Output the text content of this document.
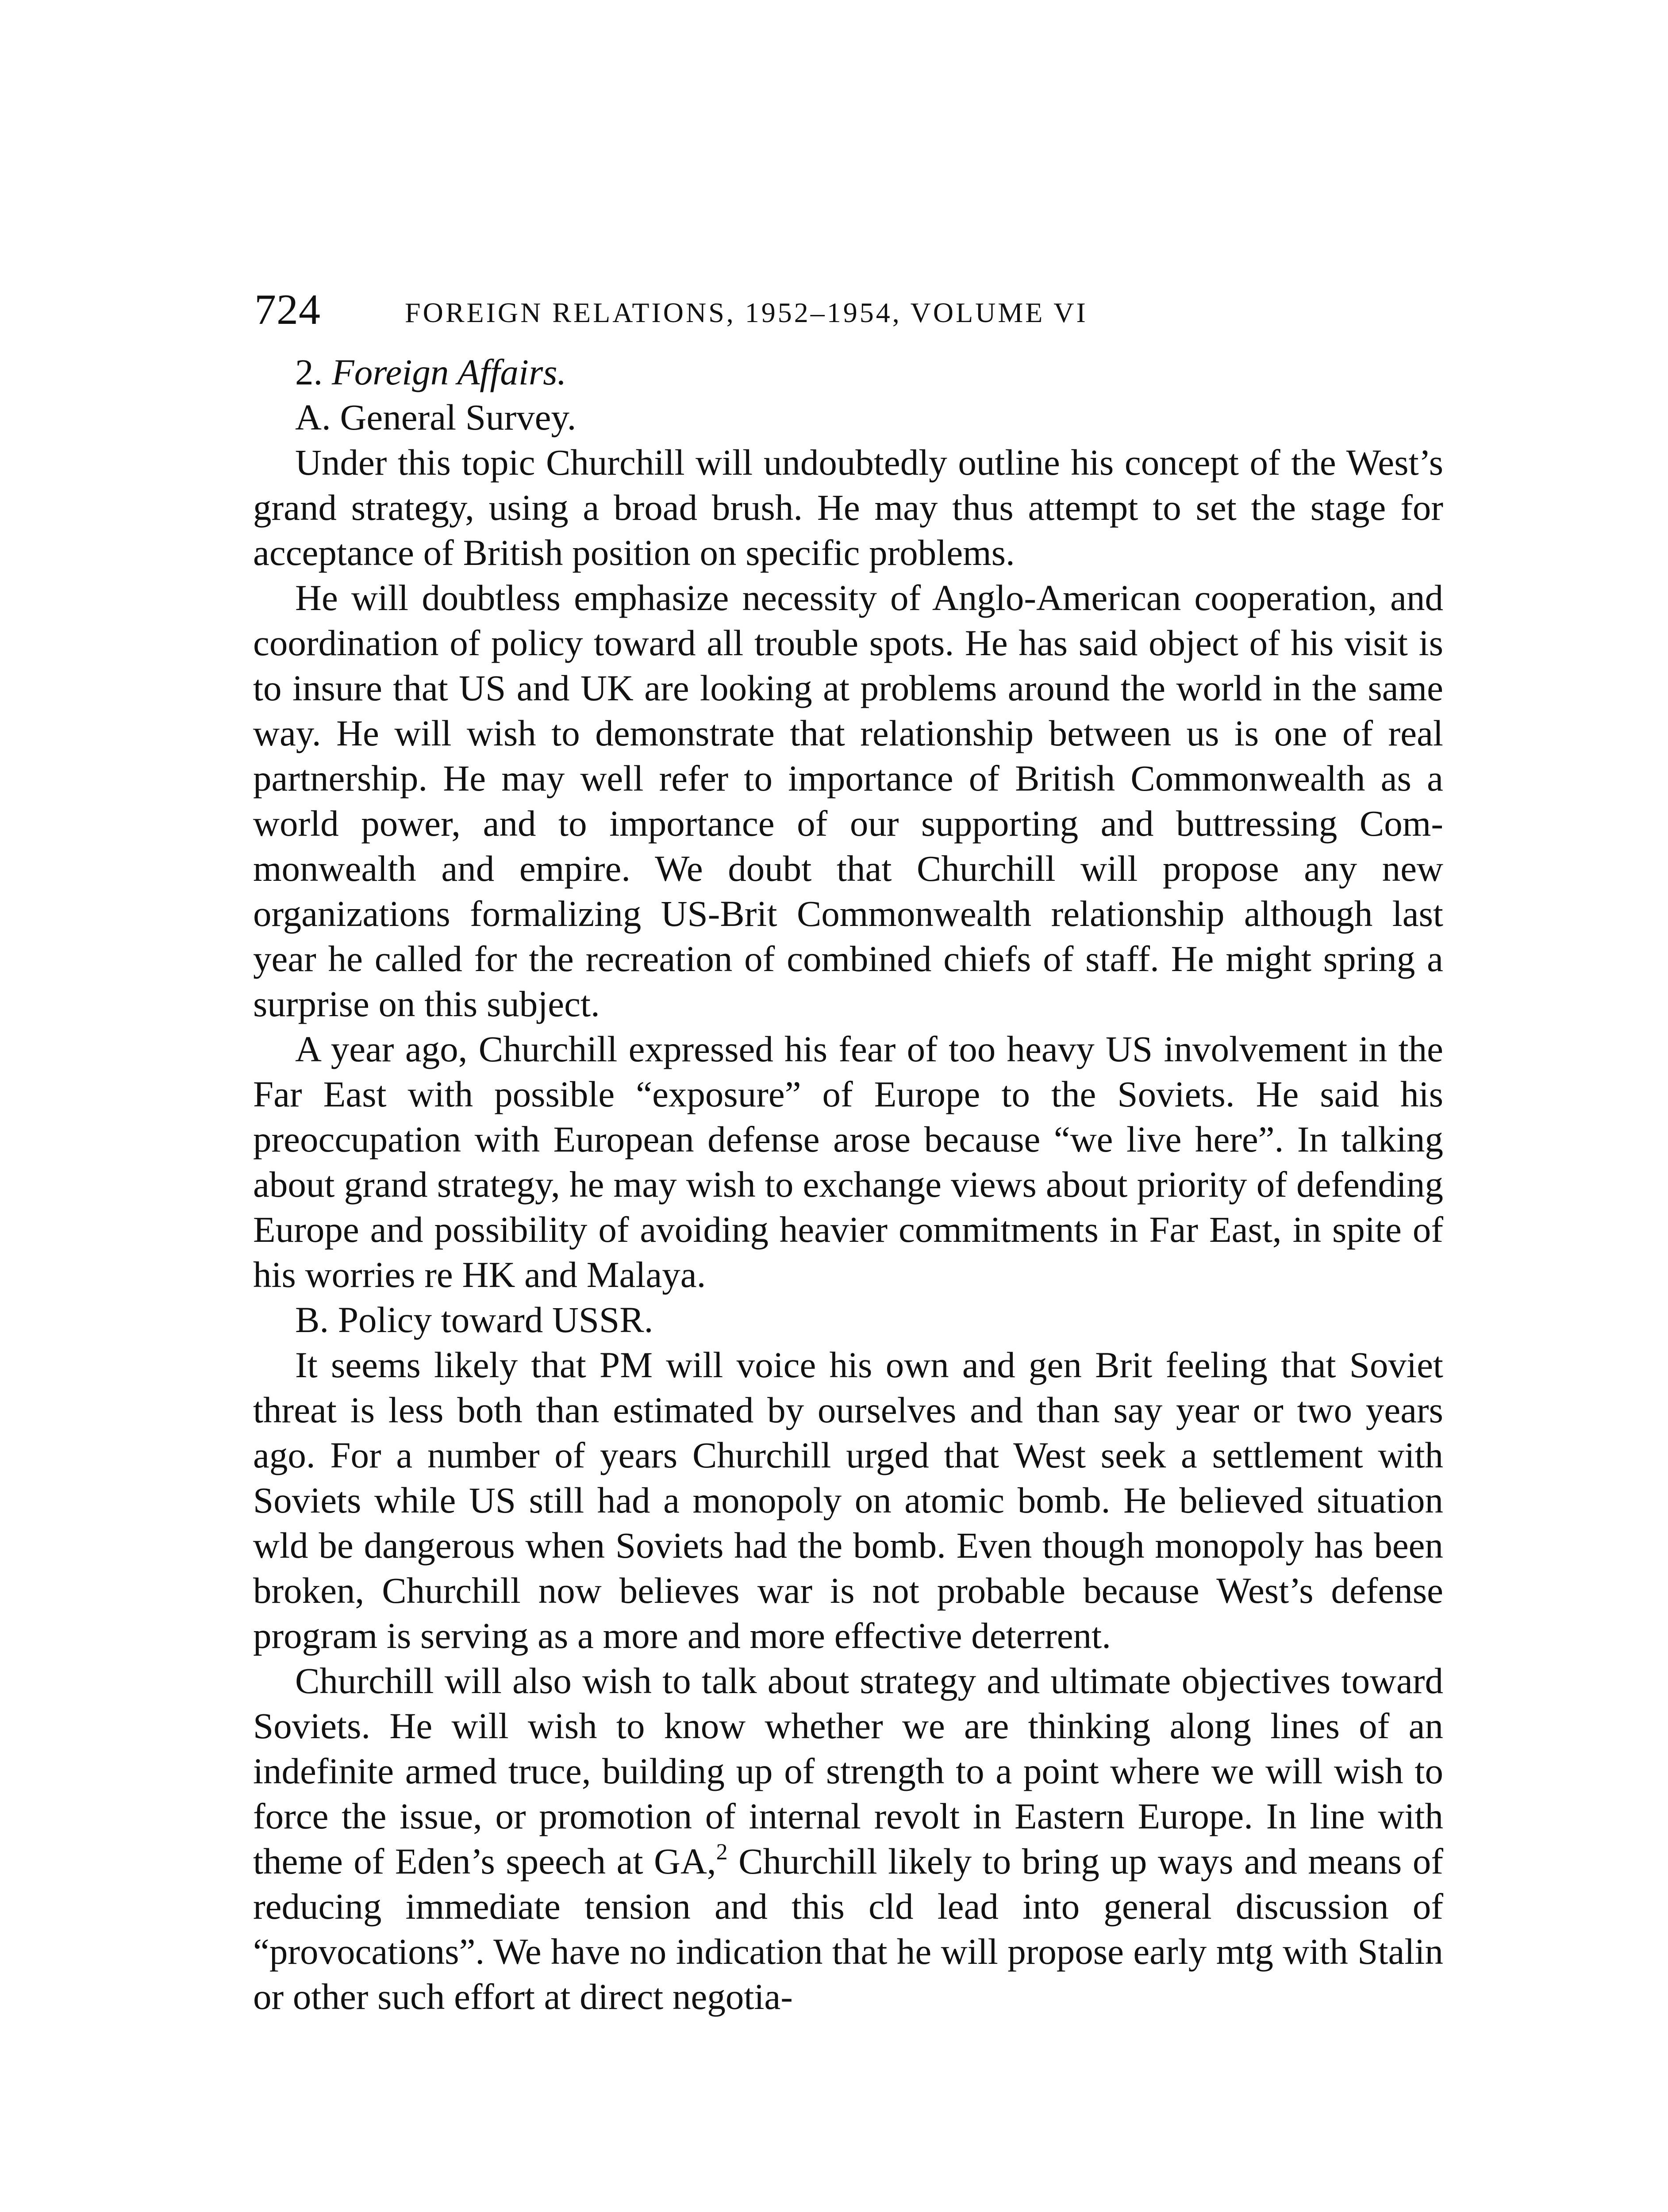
724	FOREIGN RELATIONS, 1952–1954, VOLUME VI

2. Foreign Affairs.

A. General Survey.

Under this topic Churchill will undoubtedly outline his concept of the West’s grand strategy, using a broad brush. He may thus attempt to set the stage for acceptance of British position on specific problems.

He will doubtless emphasize necessity of Anglo-American cooperation, and coordination of policy toward all trouble spots. He has said object of his visit is to insure that US and UK are looking at problems around the world in the same way. He will wish to demonstrate that relationship between us is one of real partnership. He may well refer to importance of British Commonwealth as a world power, and to importance of our supporting and buttressing Commonwealth and empire. We doubt that Churchill will propose any new organizations formalizing US-Brit Commonwealth relationship although last year he called for the recreation of combined chiefs of staff. He might spring a surprise on this subject.

A year ago, Churchill expressed his fear of too heavy US involvement in the Far East with possible “exposure” of Europe to the Soviets. He said his preoccupation with European defense arose because “we live here”. In talking about grand strategy, he may wish to exchange views about priority of defending Europe and possibility of avoiding heavier commitments in Far East, in spite of his worries re HK and Malaya.

B. Policy toward USSR.

It seems likely that PM will voice his own and gen Brit feeling that Soviet threat is less both than estimated by ourselves and than say year or two years ago. For a number of years Churchill urged that West seek a settlement with Soviets while US still had a monopoly on atomic bomb. He believed situation wld be dangerous when Soviets had the bomb. Even though monopoly has been broken, Churchill now believes war is not probable because West’s defense program is serving as a more and more effective deterrent.

Churchill will also wish to talk about strategy and ultimate objectives toward Soviets. He will wish to know whether we are thinking along lines of an indefinite armed truce, building up of strength to a point where we will wish to force the issue, or promotion of internal revolt in Eastern Europe. In line with theme of Eden’s speech at GA,$^2$ Churchill likely to bring up ways and means of reducing immediate tension and this cld lead into general discussion of “provocations”. We have no indication that he will propose early mtg with Stalin or other such effort at direct negotia-
